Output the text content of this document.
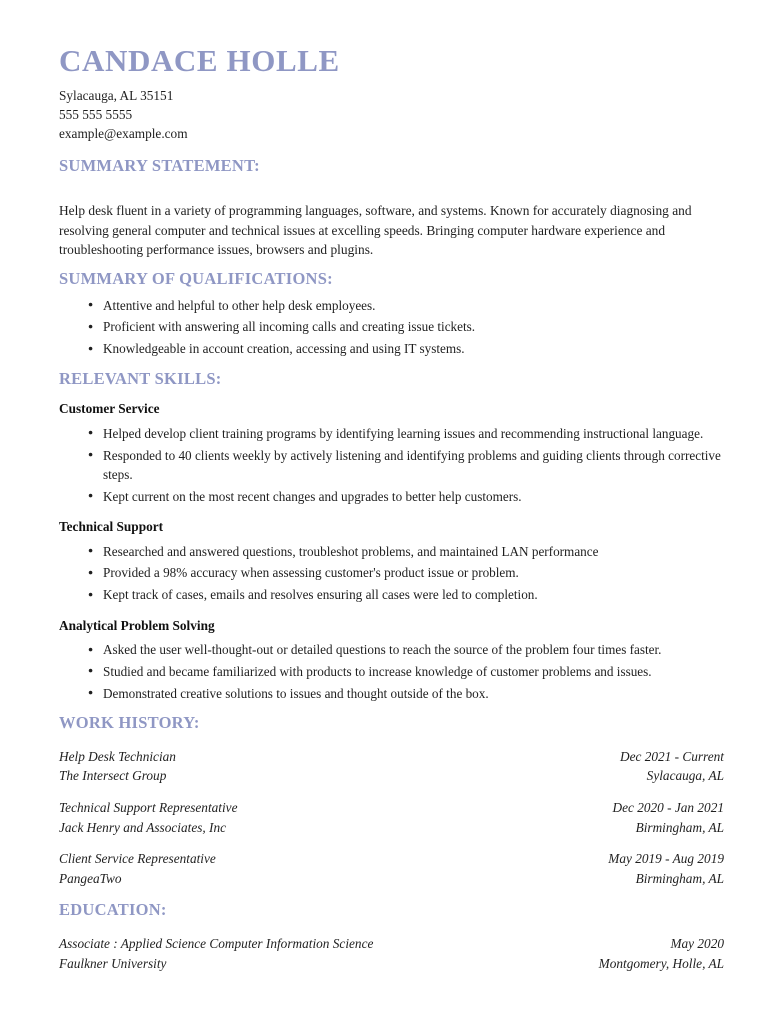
CANDACE HOLLE

Sylacauga, AL 35151

555 555 5555

example@example.com

SUMMARY STATEMENT:

Help desk fluent in a variety of programming languages, software, and systems. Known for accurately diagnosing and resolving general computer and technical issues at excelling speeds. Bringing computer hardware experience and troubleshooting performance issues, browsers and plugins.

SUMMARY OF QUALIFICATIONS:
● Attentive and helpful to other help desk employees.
● Proficient with answering all incoming calls and creating issue tickets.
● Knowledgeable in account creation, accessing and using IT systems.
RELEVANT SKILLS:
Customer Service
● Helped develop client training programs by identifying learning issues and recommending instructional language.
● Responded to 40 clients weekly by actively listening and identifying problems and guiding clients through corrective steps.
● Kept current on the most recent changes and upgrades to better help customers.
Technical Support
● Researched and answered questions, troubleshot problems, and maintained LAN performance
● Provided a 98% accuracy when assessing customer's product issue or problem.
● Kept track of cases, emails and resolves ensuring all cases were led to completion.
Analytical Problem Solving
● Asked the user well-thought-out or detailed questions to reach the source of the problem four times faster.
● Studied and became familiarized with products to increase knowledge of customer problems and issues.
● Demonstrated creative solutions to issues and thought outside of the box.
WORK HISTORY:
Help Desk Technician	Dec 2021 - Current
The Intersect Group	Sylacauga, AL
Technical Support Representative	Dec 2020 - Jan 2021
Jack Henry and Associates, Inc	Birmingham, AL
Client Service Representative	May 2019 - Aug 2019
PangeaTwo	Birmingham, AL
EDUCATION:
Associate : Applied Science Computer Information Science	May 2020
Faulkner University	Montgomery, Holle, AL
